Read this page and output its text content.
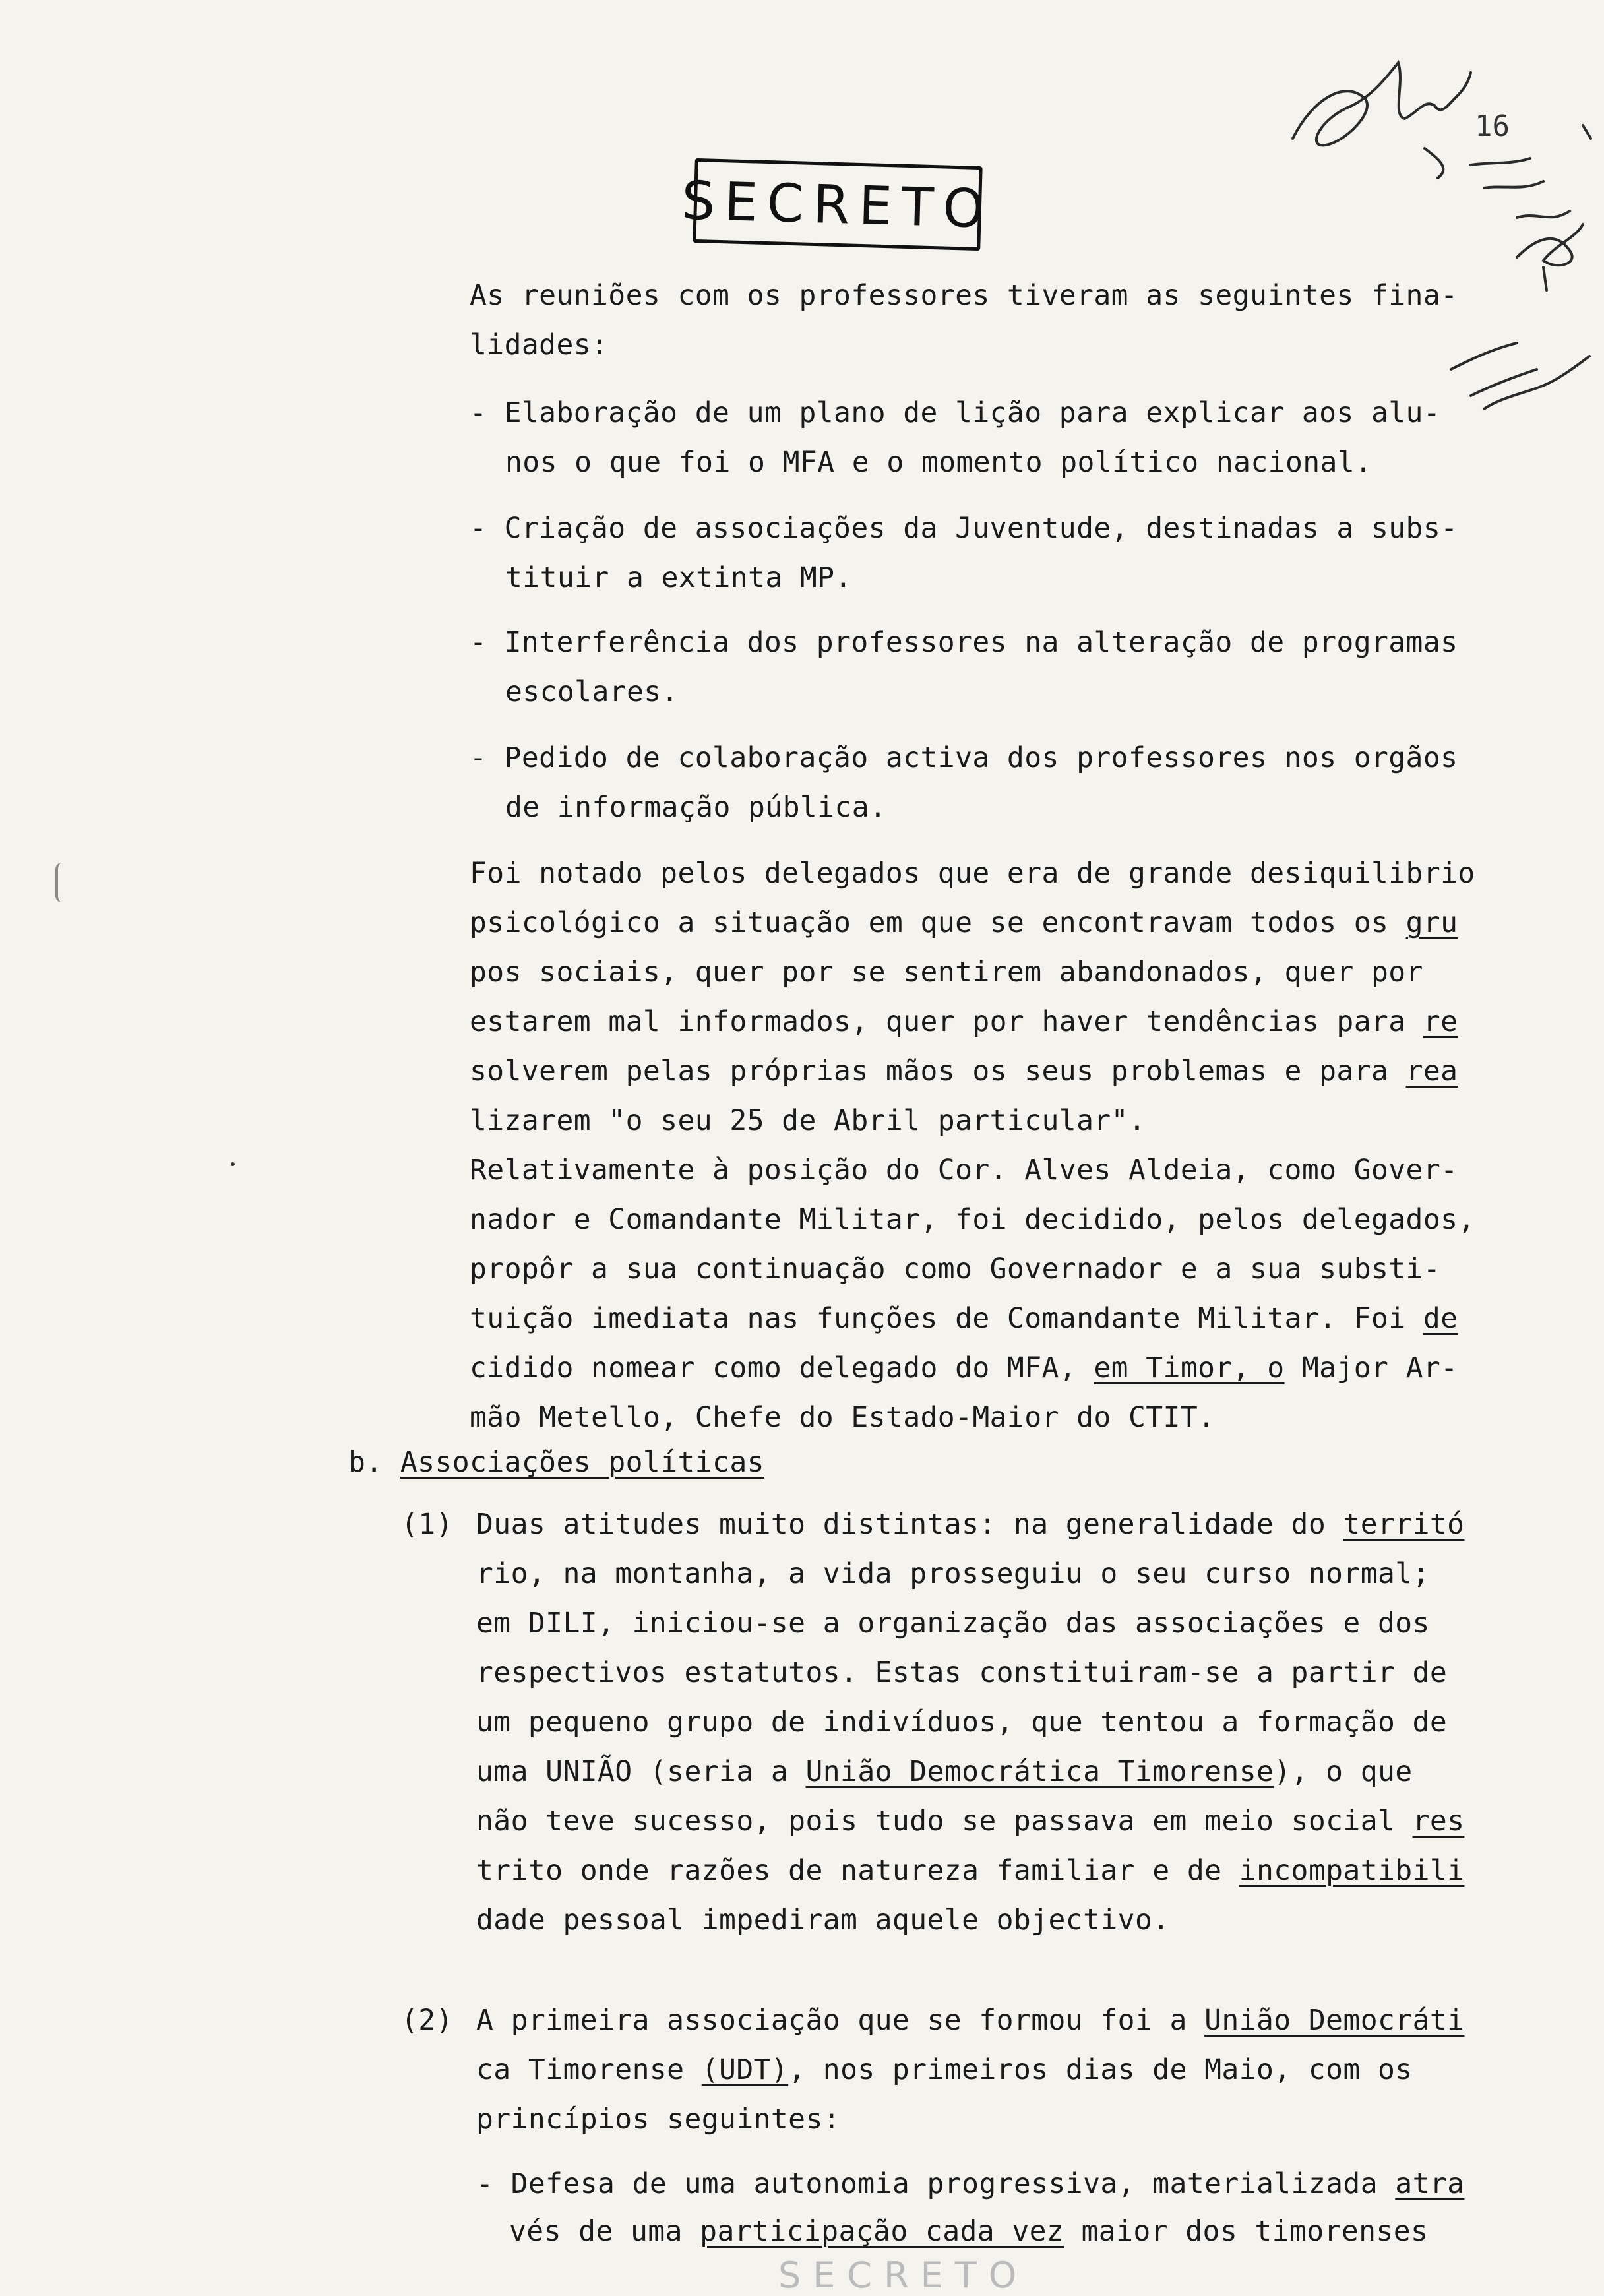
SECRETO
16
As reuniões com os professores tiveram as seguintes fina-
lidades:
- Elaboração de um plano de lição para explicar aos alu-
nos o que foi o MFA e o momento político nacional.
- Criação de associações da Juventude, destinadas a subs-
tituir a extinta MP.
- Interferência dos professores na alteração de programas
escolares.
- Pedido de colaboração activa dos professores nos orgãos
de informação pública.
Foi notado pelos delegados que era de grande desiquilibrio
psicológico a situação em que se encontravam todos os gru
pos sociais, quer por se sentirem abandonados, quer por
estarem mal informados, quer por haver tendências para re
solverem pelas próprias mãos os seus problemas e para rea
lizarem "o seu 25 de Abril particular".
Relativamente à posição do Cor. Alves Aldeia, como Gover-
nador e Comandante Militar, foi decidido, pelos delegados,
propôr a sua continuação como Governador e a sua substi-
tuição imediata nas funções de Comandante Militar. Foi de
cidido nomear como delegado do MFA, em Timor, o Major Ar-
mão Metello, Chefe do Estado-Maior do CTIT.
b. Associações políticas
(1) Duas atitudes muito distintas: na generalidade do territó
rio, na montanha, a vida prosseguiu o seu curso normal;
em DILI, iniciou-se a organização das associações e dos
respectivos estatutos. Estas constituiram-se a partir de
um pequeno grupo de indivíduos, que tentou a formação de
uma UNIÃO (seria a União Democrática Timorense), o que
não teve sucesso, pois tudo se passava em meio social res
trito onde razões de natureza familiar e de incompatibili
dade pessoal impediram aquele objectivo.
(2) A primeira associação que se formou foi a União Democráti
ca Timorense (UDT), nos primeiros dias de Maio, com os
princípios seguintes:
- Defesa de uma autonomia progressiva, materializada atra
vés de uma participação cada vez maior dos timorenses
SECRETO
